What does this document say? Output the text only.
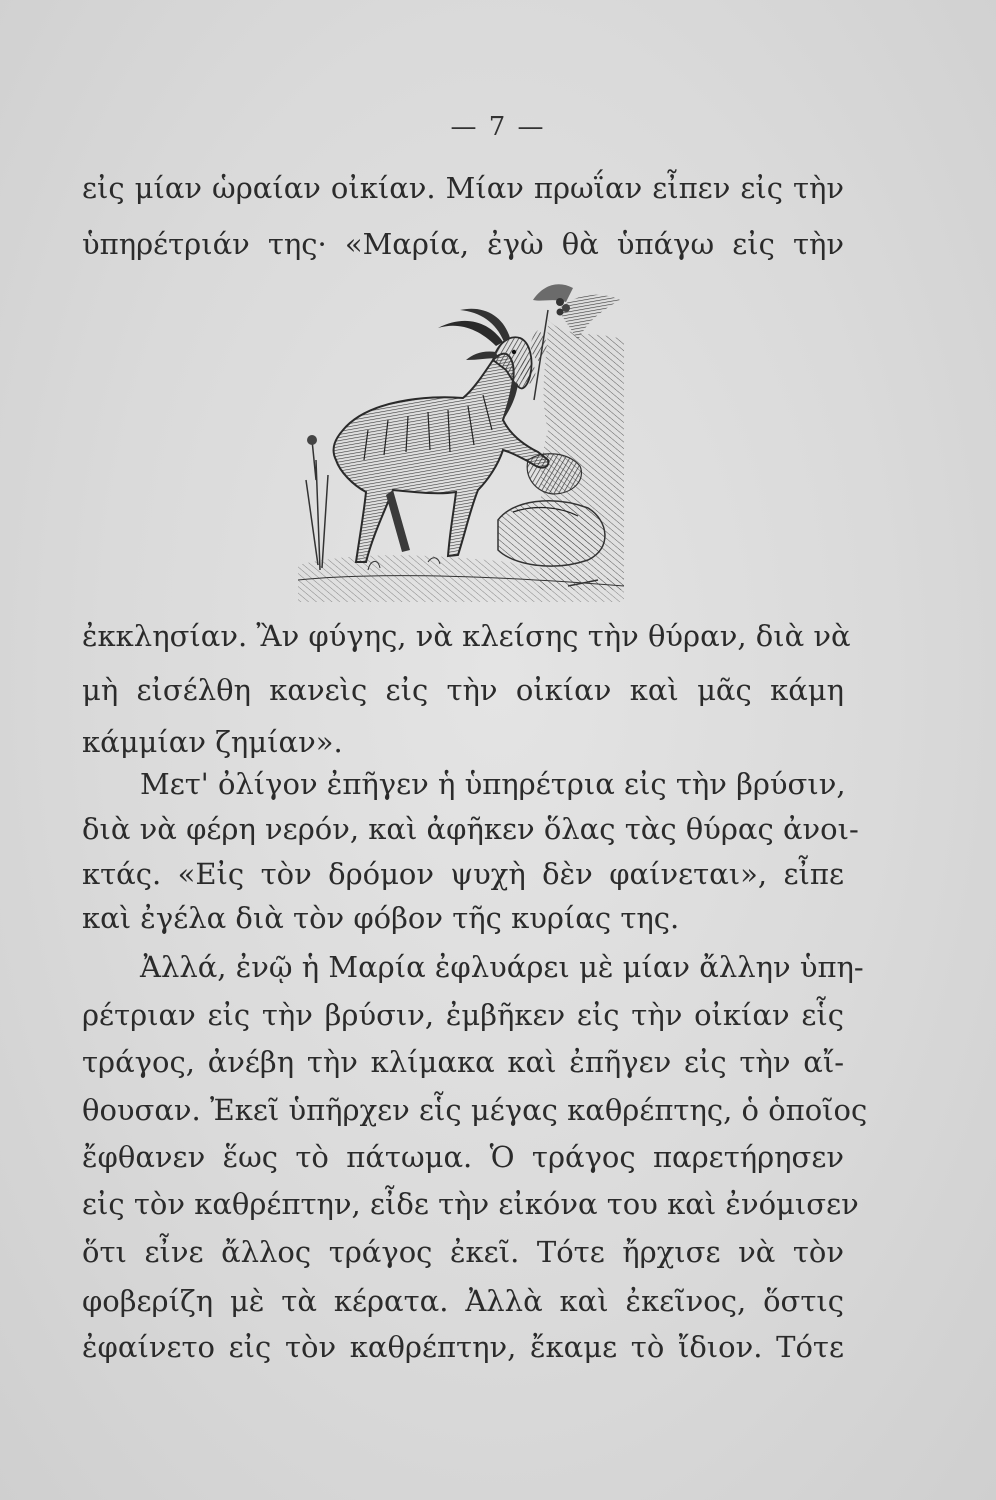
— 7 —
εἰς μίαν ὡραίαν οἰκίαν. Μίαν πρωΐαν εἶπεν εἰς τὴν
ὑπηρέτριάν της· «Μαρία, ἐγὼ θὰ ὑπάγω εἰς τὴν
ἐκκλησίαν. Ἂν φύγης, νὰ κλείσης τὴν θύραν, διὰ νὰ
μὴ εἰσέλθη κανεὶς εἰς τὴν οἰκίαν καὶ μᾶς κάμη
κάμμίαν ζημίαν».
Μετ' ὀλίγον ἐπῆγεν ἡ ὑπηρέτρια εἰς τὴν βρύσιν,
διὰ νὰ φέρη νερόν, καὶ ἀφῆκεν ὅλας τὰς θύρας ἀνοι-
κτάς. «Εἰς τὸν δρόμον ψυχὴ δὲν φαίνεται», εἶπε
καὶ ἐγέλα διὰ τὸν φόβον τῆς κυρίας της.
Ἀλλά, ἐνῷ ἡ Μαρία ἐφλυάρει μὲ μίαν ἄλλην ὑπη-
ρέτριαν εἰς τὴν βρύσιν, ἐμβῆκεν εἰς τὴν οἰκίαν εἷς
τράγος, ἀνέβη τὴν κλίμακα καὶ ἐπῆγεν εἰς τὴν αἴ-
θουσαν. Ἐκεῖ ὑπῆρχεν εἷς μέγας καθρέπτης, ὁ ὁποῖος
ἔφθανεν ἕως τὸ πάτωμα. Ὁ τράγος παρετήρησεν
εἰς τὸν καθρέπτην, εἶδε τὴν εἰκόνα του καὶ ἐνόμισεν
ὅτι εἶνε ἄλλος τράγος ἐκεῖ. Τότε ἤρχισε νὰ τὸν
φοβερίζη μὲ τὰ κέρατα. Ἀλλὰ καὶ ἐκεῖνος, ὅστις
ἐφαίνετο εἰς τὸν καθρέπτην, ἔκαμε τὸ ἴδιον. Τότε
